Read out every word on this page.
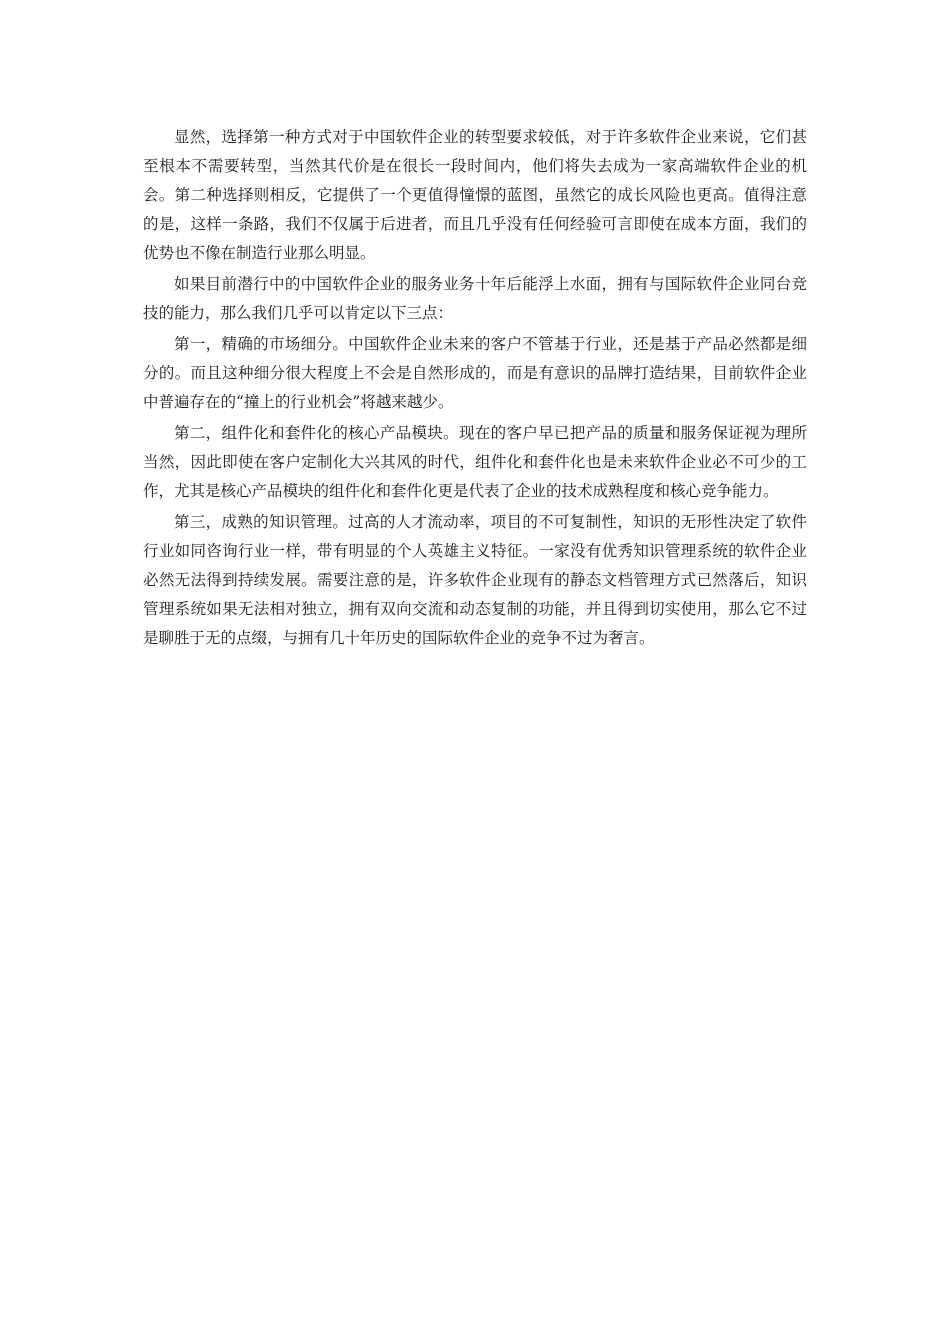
显然，选择第一种方式对于中国软件企业的转型要求较低，对于许多软件企业来说，它们甚至根本不需要转型，当然其代价是在很长一段时间内，他们将失去成为一家高端软件企业的机会。第二种选择则相反，它提供了一个更值得憧憬的蓝图，虽然它的成长风险也更高。值得注意的是，这样一条路，我们不仅属于后进者，而且几乎没有任何经验可言即使在成本方面，我们的优势也不像在制造行业那么明显。

如果目前潜行中的中国软件企业的服务业务十年后能浮上水面，拥有与国际软件企业同台竞技的能力，那么我们几乎可以肯定以下三点：

第一，精确的市场细分。中国软件企业未来的客户不管基于行业，还是基于产品必然都是细分的。而且这种细分很大程度上不会是自然形成的，而是有意识的品牌打造结果，目前软件企业中普遍存在的“撞上的行业机会”将越来越少。

第二，组件化和套件化的核心产品模块。现在的客户早已把产品的质量和服务保证视为理所当然，因此即使在客户定制化大兴其风的时代，组件化和套件化也是未来软件企业必不可少的工作，尤其是核心产品模块的组件化和套件化更是代表了企业的技术成熟程度和核心竞争能力。

第三，成熟的知识管理。过高的人才流动率，项目的不可复制性，知识的无形性决定了软件行业如同咨询行业一样，带有明显的个人英雄主义特征。一家没有优秀知识管理系统的软件企业必然无法得到持续发展。需要注意的是，许多软件企业现有的静态文档管理方式已然落后，知识管理系统如果无法相对独立，拥有双向交流和动态复制的功能，并且得到切实使用，那么它不过是聊胜于无的点缀，与拥有几十年历史的国际软件企业的竞争不过为奢言。
